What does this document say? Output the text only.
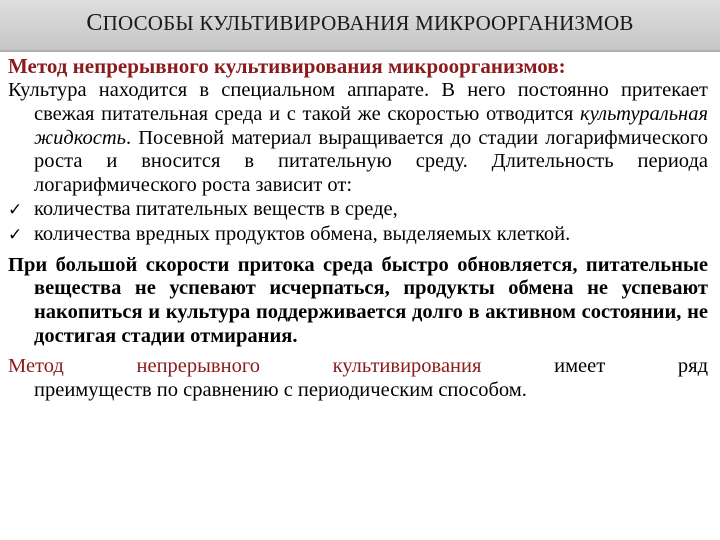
СПОСОБЫ КУЛЬТИВИРОВАНИЯ МИКРООРГАНИЗМОВ

Метод непрерывного культивирования микроорганизмов:

Культура находится в специальном аппарате. В него постоянно притекает свежая питательная среда и с такой же скоростью отводится культуральная жидкость. Посевной материал выращивается до стадии логарифмического роста и вносится в питательную среду. Длительность периода логарифмического роста зависит от:

✓ количества питательных веществ в среде,
✓ количества вредных продуктов обмена, выделяемых клеткой.

При большой скорости притока среда быстро обновляется, питательные вещества не успевают исчерпаться, продукты обмена не успевают накопиться и культура поддерживается долго в активном состоянии, не достигая стадии отмирания.

Метод	непрерывного	культивирования	имеет	ряд

преимуществ по сравнению с периодическим способом.
